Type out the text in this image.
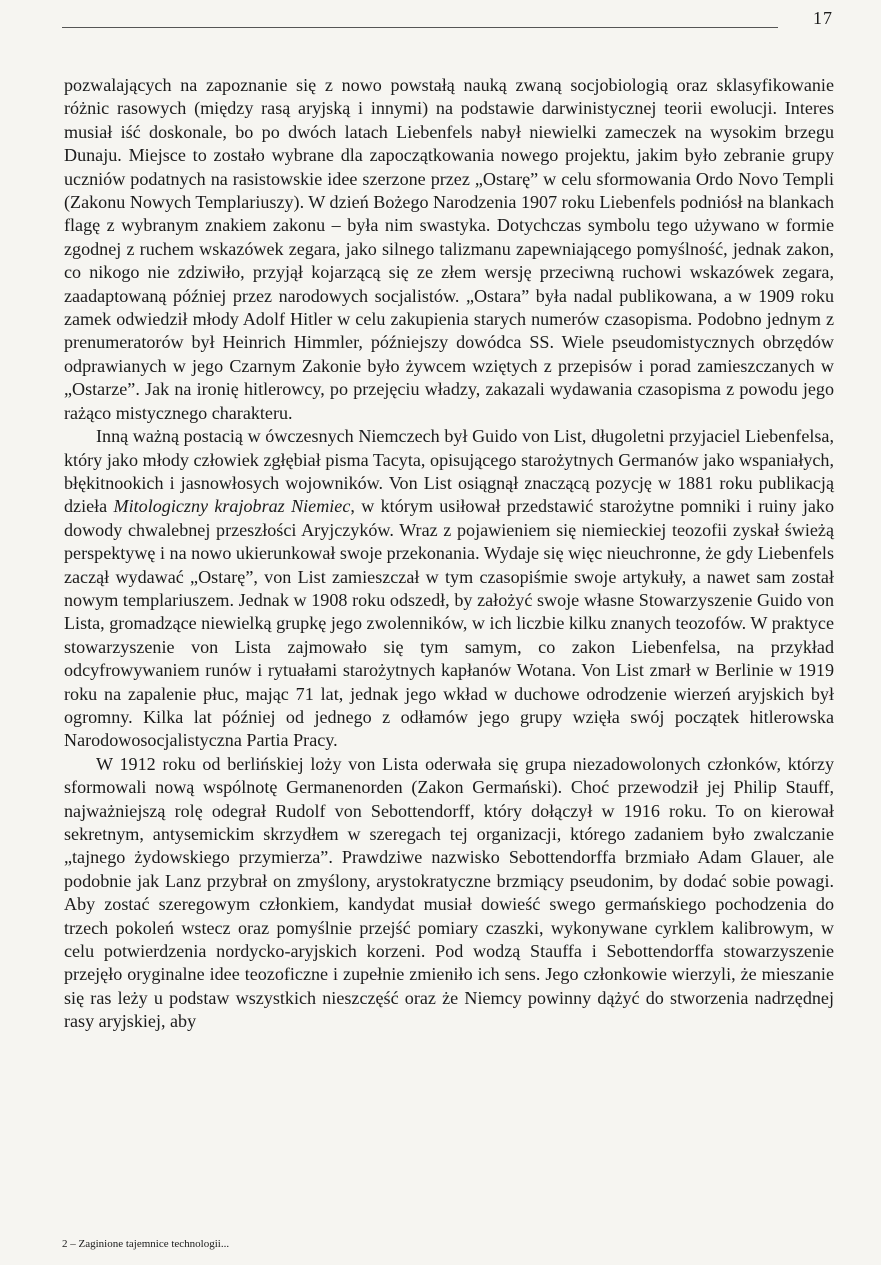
17

pozwalających na zapoznanie się z nowo powstałą nauką zwaną socjobiologią oraz sklasyfikowanie różnic rasowych (między rasą aryjską i innymi) na podstawie darwinistycznej teorii ewolucji. Interes musiał iść doskonale, bo po dwóch latach Liebenfels nabył niewielki zameczek na wysokim brzegu Dunaju. Miejsce to zostało wybrane dla zapoczątkowania nowego projektu, jakim było zebranie grupy uczniów podatnych na rasistowskie idee szerzone przez „Ostarę” w celu sformowania Ordo Novo Templi (Zakonu Nowych Templariuszy). W dzień Bożego Narodzenia 1907 roku Liebenfels podniósł na blankach flagę z wybranym znakiem zakonu – była nim swastyka. Dotychczas symbolu tego używano w formie zgodnej z ruchem wskazówek zegara, jako silnego talizmanu zapewniającego pomyślność, jednak zakon, co nikogo nie zdziwiło, przyjął kojarzącą się ze złem wersję przeciwną ruchowi wskazówek zegara, zaadaptowaną później przez narodowych socjalistów. „Ostara” była nadal publikowana, a w 1909 roku zamek odwiedził młody Adolf Hitler w celu zakupienia starych numerów czasopisma. Podobno jednym z prenumeratorów był Heinrich Himmler, późniejszy dowódca SS. Wiele pseudomistycznych obrzędów odprawianych w jego Czarnym Zakonie było żywcem wziętych z przepisów i porad zamieszczanych w „Ostarze”. Jak na ironię hitlerowcy, po przejęciu władzy, zakazali wydawania czasopisma z powodu jego rażąco mistycznego charakteru.

Inną ważną postacią w ówczesnych Niemczech był Guido von List, długoletni przyjaciel Liebenfelsa, który jako młody człowiek zgłębiał pisma Tacyta, opisującego starożytnych Germanów jako wspaniałych, błękitnookich i jasnowłosych wojowników. Von List osiągnął znaczącą pozycję w 1881 roku publikacją dzieła Mitologiczny krajobraz Niemiec, w którym usiłował przedstawić starożytne pomniki i ruiny jako dowody chwalebnej przeszłości Aryjczyków. Wraz z pojawieniem się niemieckiej teozofii zyskał świeżą perspektywę i na nowo ukierunkował swoje przekonania. Wydaje się więc nieuchronne, że gdy Liebenfels zaczął wydawać „Ostarę”, von List zamieszczał w tym czasopiśmie swoje artykuły, a nawet sam został nowym templariuszem. Jednak w 1908 roku odszedł, by założyć swoje własne Stowarzyszenie Guido von Lista, gromadzące niewielką grupkę jego zwolenników, w ich liczbie kilku znanych teozofów. W praktyce stowarzyszenie von Lista zajmowało się tym samym, co zakon Liebenfelsa, na przykład odcyfrowywaniem runów i rytuałami starożytnych kapłanów Wotana. Von List zmarł w Berlinie w 1919 roku na zapalenie płuc, mając 71 lat, jednak jego wkład w duchowe odrodzenie wierzeń aryjskich był ogromny. Kilka lat później od jednego z odłamów jego grupy wzięła swój początek hitlerowska Narodowosocjalistyczna Partia Pracy.

W 1912 roku od berlińskiej loży von Lista oderwała się grupa niezadowolonych członków, którzy sformowali nową wspólnotę Germanenorden (Zakon Germański). Choć przewodził jej Philip Stauff, najważniejszą rolę odegrał Rudolf von Sebottendorff, który dołączył w 1916 roku. To on kierował sekretnym, antysemickim skrzydłem w szeregach tej organizacji, którego zadaniem było zwalczanie „tajnego żydowskiego przymierza”. Prawdziwe nazwisko Sebottendorffa brzmiało Adam Glauer, ale podobnie jak Lanz przybrał on zmyślony, arystokratyczne brzmiący pseudonim, by dodać sobie powagi. Aby zostać szeregowym członkiem, kandydat musiał dowieść swego germańskiego pochodzenia do trzech pokoleń wstecz oraz pomyślnie przejść pomiary czaszki, wykonywane cyrklem kalibrowym, w celu potwierdzenia nordycko-aryjskich korzeni. Pod wodzą Stauffa i Sebottendorffa stowarzyszenie przejęło oryginalne idee teozoficzne i zupełnie zmieniło ich sens. Jego członkowie wierzyli, że mieszanie się ras leży u podstaw wszystkich nieszczęść oraz że Niemcy powinny dążyć do stworzenia nadrzędnej rasy aryjskiej, aby

2 – Zaginione tajemnice technologii...
